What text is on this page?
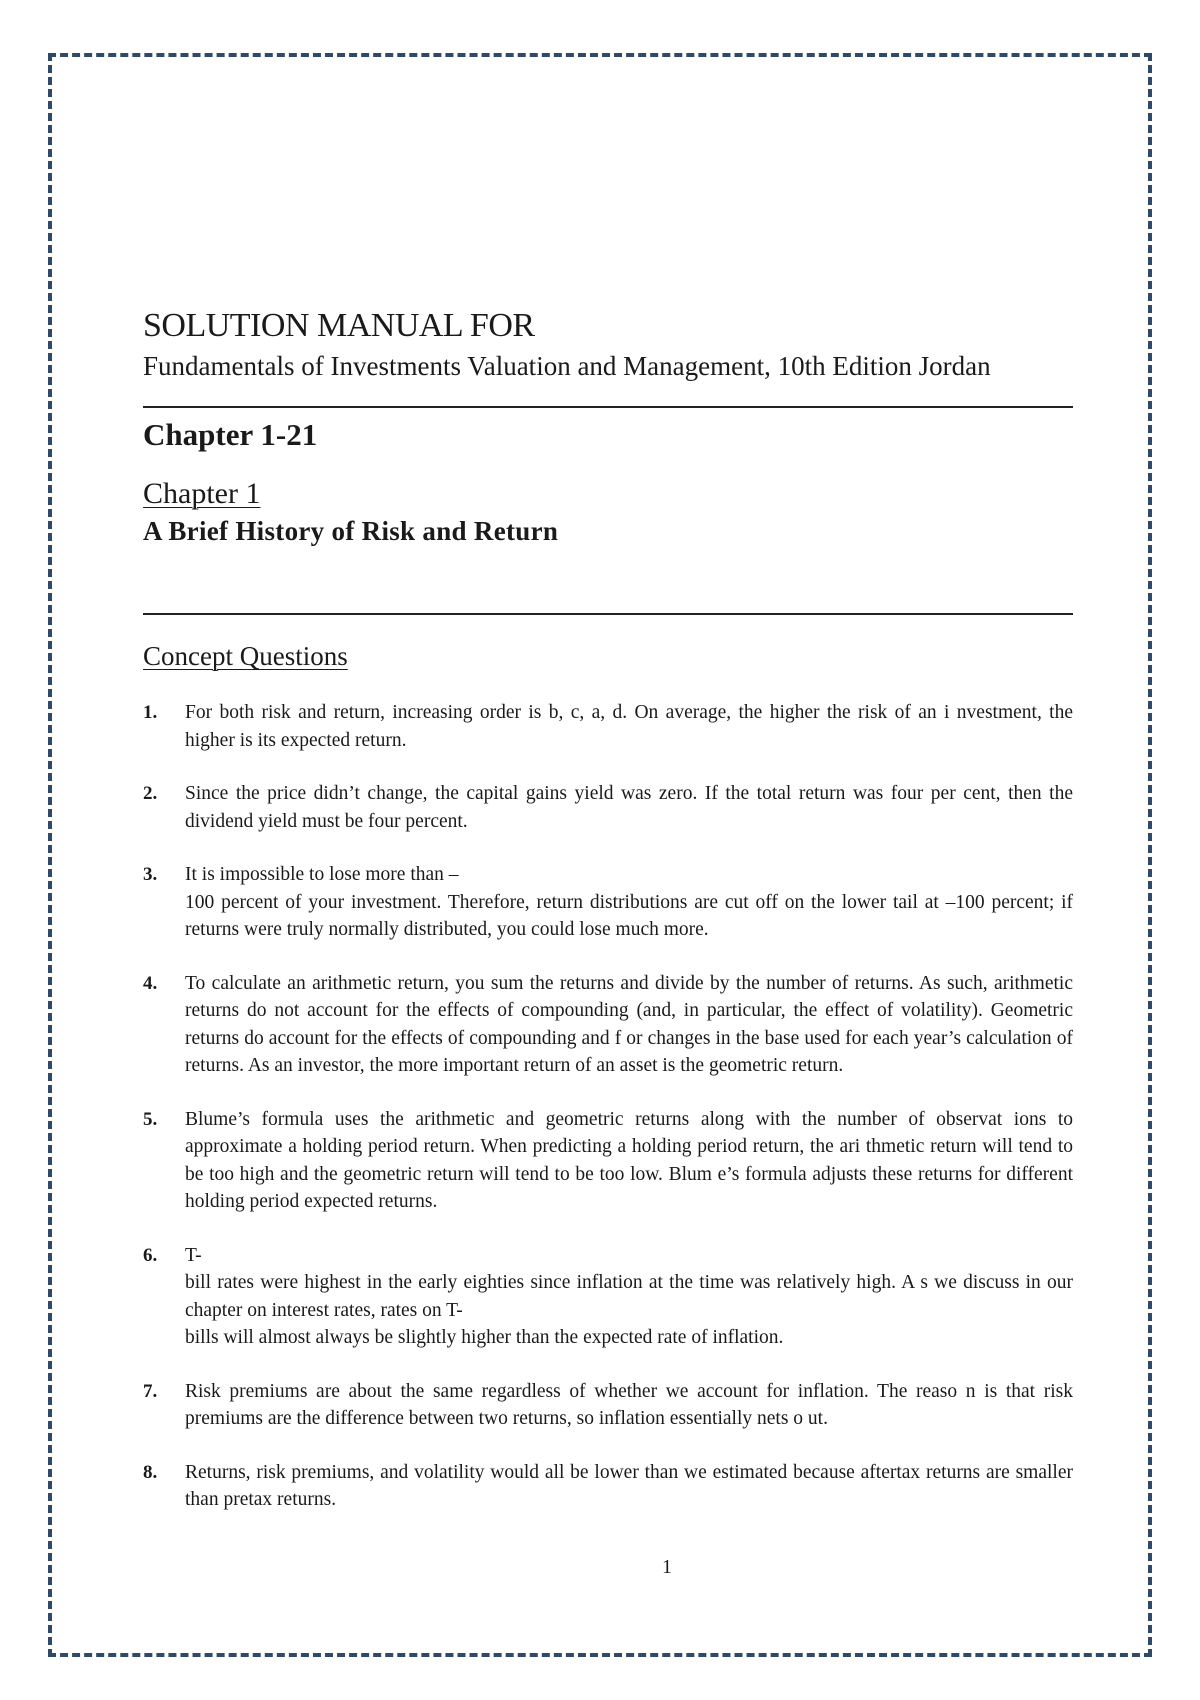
SOLUTION MANUAL FOR
Fundamentals of Investments Valuation and Management, 10th Edition Jordan
Chapter 1-21
Chapter 1
A Brief History of Risk and Return
Concept Questions
1.	For both risk and return, increasing order is b, c, a, d. On average, the higher the risk of an i nvestment, the higher is its expected return.
2.	Since the price didn’t change, the capital gains yield was zero. If the total return was four per cent, then the dividend yield must be four percent.
3.	It is impossible to lose more than –
100 percent of your investment. Therefore, return distributions are cut off on the lower tail at –100 percent; if returns were truly normally distributed, you could lose much more.
4.	To calculate an arithmetic return, you sum the returns and divide by the number of returns. As such, arithmetic returns do not account for the effects of compounding (and, in particular, the effect of volatility). Geometric returns do account for the effects of compounding and f or changes in the base used for each year’s calculation of returns. As an investor, the more important return of an asset is the geometric return.
5.	Blume’s formula uses the arithmetic and geometric returns along with the number of observat ions to approximate a holding period return. When predicting a holding period return, the ari thmetic return will tend to be too high and the geometric return will tend to be too low. Blum e’s formula adjusts these returns for different holding period expected returns.
6.	T-
bill rates were highest in the early eighties since inflation at the time was relatively high. A s we discuss in our chapter on interest rates, rates on T-
bills will almost always be slightly higher than the expected rate of inflation.
7.	Risk premiums are about the same regardless of whether we account for inflation. The reaso n is that risk premiums are the difference between two returns, so inflation essentially nets o ut.
8.	Returns, risk premiums, and volatility would all be lower than we estimated because aftertax returns are smaller than pretax returns.
1
